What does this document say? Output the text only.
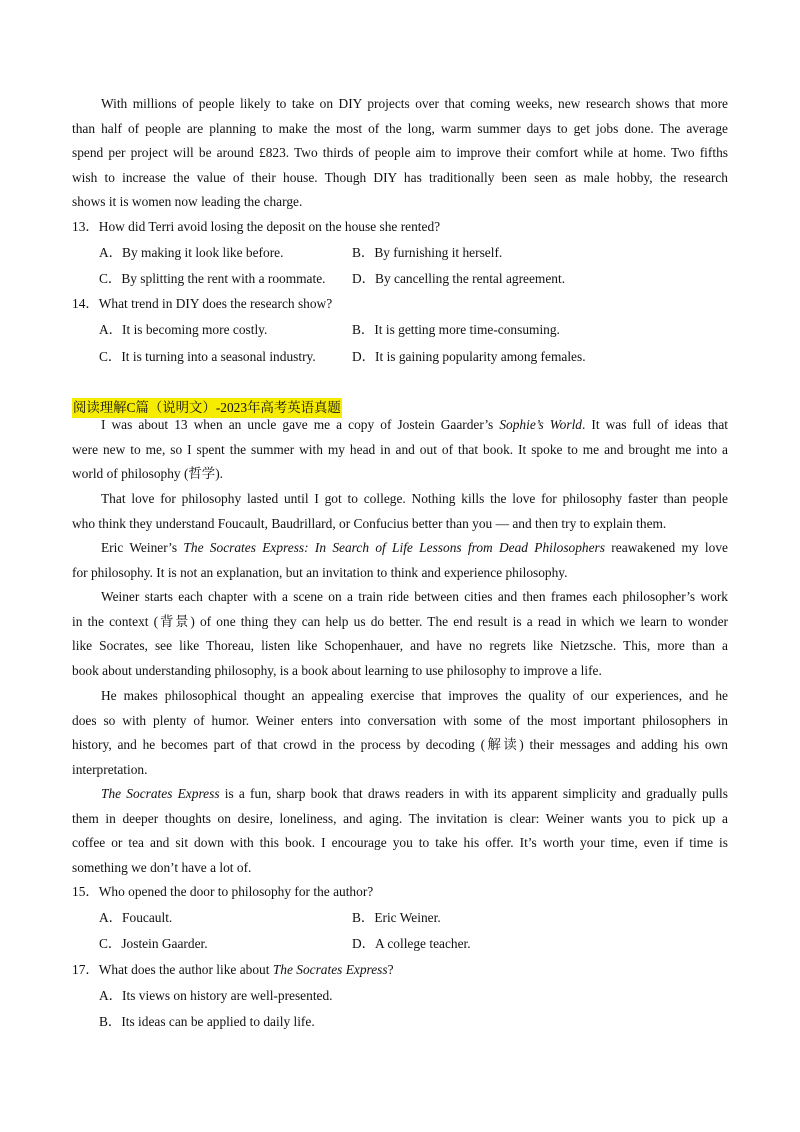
With millions of people likely to take on DIY projects over that coming weeks, new research shows that more
than half of people are planning to make the most of the long, warm summer days to get jobs done. The average
spend per project will be around £823. Two thirds of people aim to improve their comfort while at home. Two fifths
wish to increase the value of their house. Though DIY has traditionally been seen as male hobby, the research
shows it is women now leading the charge.

13．How did Terri avoid losing the deposit on the house she rented?

A．By making it look like before.	B．By furnishing it herself.

C．By splitting the rent with a roommate. D．By cancelling the rental agreement.

14．What trend in DIY does the research show?

A．It is becoming more costly.	B．It is getting more time-consuming.

C．It is turning into a seasonal industry.	D．It is gaining popularity among females.

阅读理解C篇（说明文）-2023年高考英语真题

I was about 13 when an uncle gave me a copy of Jostein Gaarder’s Sophie’s World. It was full of ideas that
were new to me, so I spent the summer with my head in and out of that book. It spoke to me and brought me into a
world of philosophy (哲学).
That love for philosophy lasted until I got to college. Nothing kills the love for philosophy faster than people
who think they understand Foucault, Baudrillard, or Confucius better than you — and then try to explain them.
Eric Weiner’s The Socrates Express: In Search of Life Lessons from Dead Philosophers reawakened my love
for philosophy. It is not an explanation, but an invitation to think and experience philosophy.
Weiner starts each chapter with a scene on a train ride between cities and then frames each philosopher’s work
in the context (背景) of one thing they can help us do better. The end result is a read in which we learn to wonder
like Socrates, see like Thoreau, listen like Schopenhauer, and have no regrets like Nietzsche. This, more than a
book about understanding philosophy, is a book about learning to use philosophy to improve a life.
He makes philosophical thought an appealing exercise that improves the quality of our experiences, and he
does so with plenty of humor. Weiner enters into conversation with some of the most important philosophers in
history, and he becomes part of that crowd in the process by decoding (解读) their messages and adding his own
interpretation.
The Socrates Express is a fun, sharp book that draws readers in with its apparent simplicity and gradually pulls
them in deeper thoughts on desire, loneliness, and aging. The invitation is clear: Weiner wants you to pick up a
coffee or tea and sit down with this book. I encourage you to take his offer. It’s worth your time, even if time is
something we don’t have a lot of.

15．Who opened the door to philosophy for the author?

A．Foucault.	B．Eric Weiner.

C．Jostein Gaarder.	D．A college teacher.

17．What does the author like about The Socrates Express?

A．Its views on history are well-presented.

B．Its ideas can be applied to daily life.
